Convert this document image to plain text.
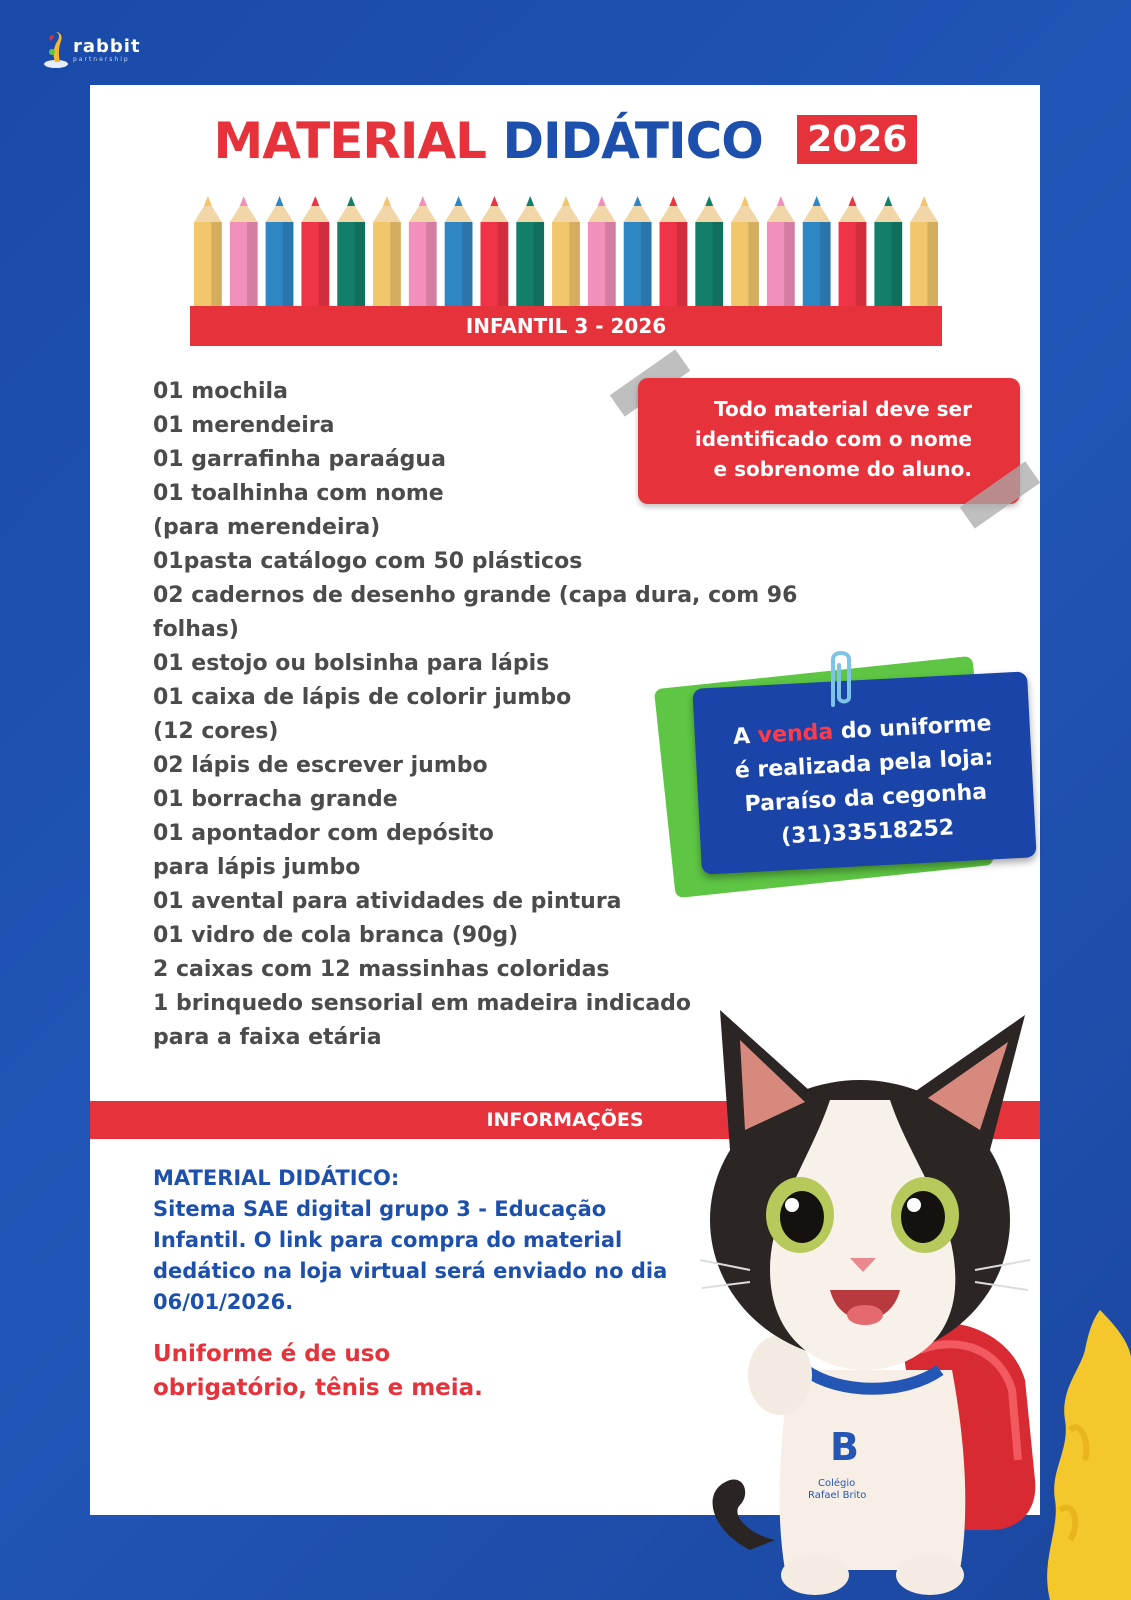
rabbit
partnership
MATERIAL DIDÁTICO 2026
INFANTIL 3 - 2026
01 mochila
01 merendeira
01 garrafinha paraágua
01 toalhinha com nome
(para merendeira)
01pasta catálogo com 50 plásticos
02 cadernos de desenho grande (capa dura, com 96
folhas)
01 estojo ou bolsinha para lápis
01 caixa de lápis de colorir jumbo
(12 cores)
02 lápis de escrever jumbo
01 borracha grande
01 apontador com depósito
para lápis jumbo
01 avental para atividades de pintura
01 vidro de cola branca (90g)
2 caixas com 12 massinhas coloridas
1 brinquedo sensorial em madeira indicado
para a faixa etária
Todo material deve ser
identificado com o nome
e sobrenome do aluno.
A venda do uniforme
é realizada pela loja:
Paraíso da cegonha
(31)33518252
INFORMAÇÕES
MATERIAL DIDÁTICO:
Sitema SAE digital grupo 3 - Educação
Infantil. O link para compra do material
dedático na loja virtual será enviado no dia
06/01/2026.
Uniforme é de uso
obrigatório, tênis e meia.
B
Colégio
Rafael Brito
